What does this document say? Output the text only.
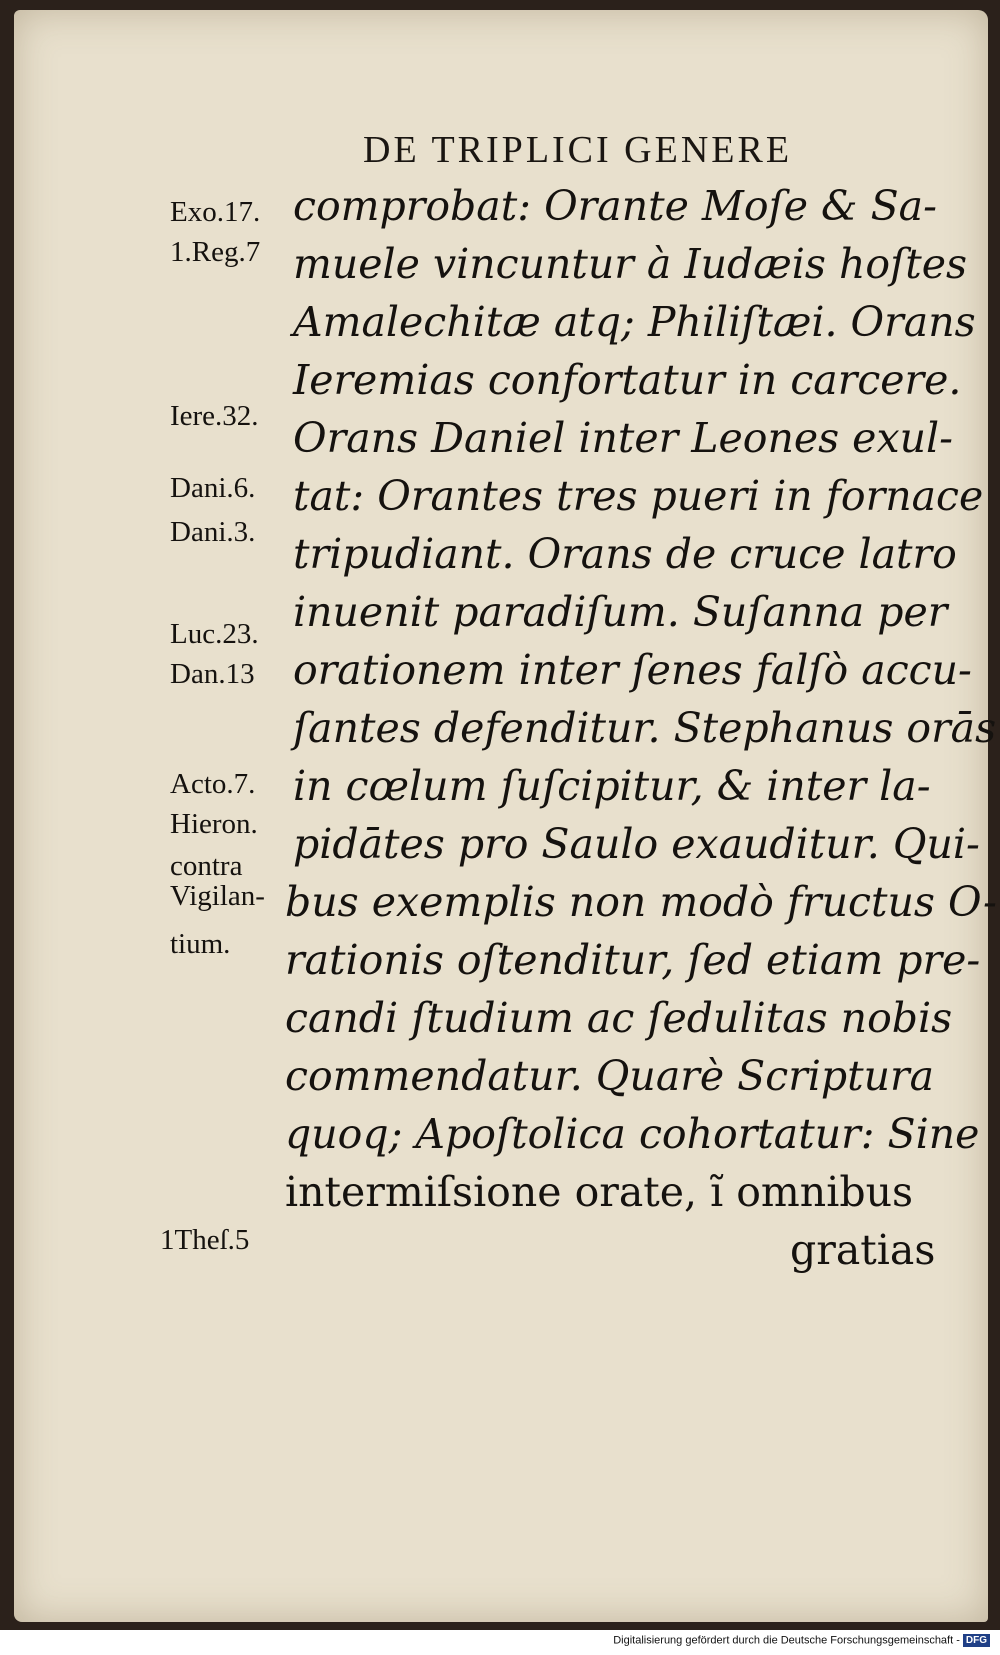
DE TRIPLICI GENERE
comprobat: Orante Moſe & Sa-
muele vincuntur à Iudæis hoſtes
Amalechitæ atq; Philiſtæi. Orans
Ieremias confortatur in carcere.
Orans Daniel inter Leones exul-
tat: Orantes tres pueri in fornace
tripudiant. Orans de cruce latro
inuenit paradiſum. Suſanna per
orationem inter ſenes falſò accu-
ſantes defenditur. Stephanus orās
in cœlum ſuſcipitur, & inter la-
pidātes pro Saulo exauditur. Qui-
bus exemplis non modò fructus O-
rationis oſtenditur, ſed etiam pre-
candi ſtudium ac ſedulitas nobis
commendatur. Quarè Scriptura
quoq; Apoſtolica cohortatur: Sine
intermiſsione orate, ĩ omnibus
gratias
Exo.17.
1.Reg.7
Iere.32.
Dani.6.
Dani.3.
Luc.23.
Dan.13
Acto.7.
Hieron.
contra
Vigilan-
tium.
1Theſ.5
Digitalisierung gefördert durch die Deutsche Forschungsgemeinschaft - DFG
